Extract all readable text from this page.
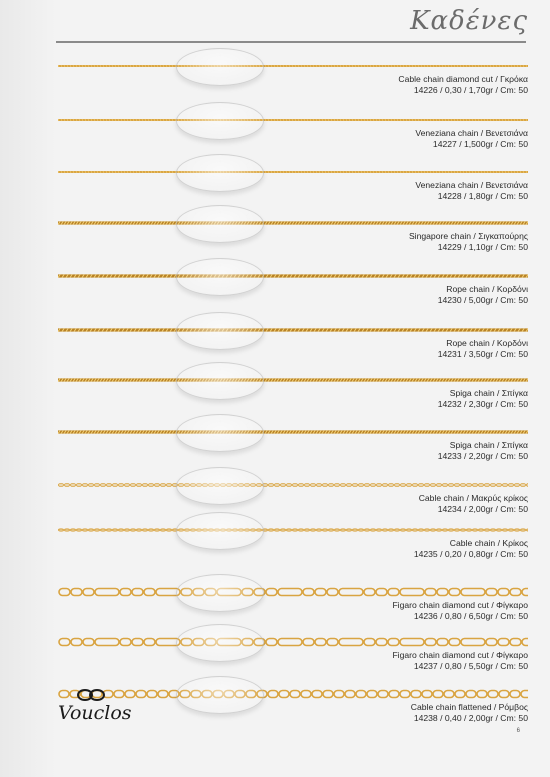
Καδένες
Cable chain diamond cut / Γκρόκα
14226 / 0,30 / 1,70gr / Cm: 50
Veneziana chain / Βενετσιάνα
14227 / 1,500gr / Cm: 50
Veneziana chain / Βενετσιάνα
14228 / 1,80gr / Cm: 50
Singapore chain / Σιγκαπούρης
14229 / 1,10gr / Cm: 50
Rope chain / Κορδόνι
14230 / 5,00gr / Cm: 50
Rope chain / Κορδόνι
14231 / 3,50gr / Cm: 50
Spiga chain / Σπίγκα
14232 / 2,30gr / Cm: 50
Spiga chain / Σπίγκα
14233 / 2,20gr / Cm: 50
Cable chain / Μακρύς κρίκος
14234 / 2,00gr / Cm: 50
Cable chain / Κρίκος
14235 / 0,20 / 0,80gr / Cm: 50
Figaro chain diamond cut / Φίγκαρο
14236 / 0,80 / 6,50gr / Cm: 50
Figaro chain diamond cut / Φίγκαρο
14237 / 0,80 / 5,50gr / Cm: 50
Cable chain flattened / Ρόμβος
14238 / 0,40 / 2,00gr / Cm: 50
Vouclos
6
